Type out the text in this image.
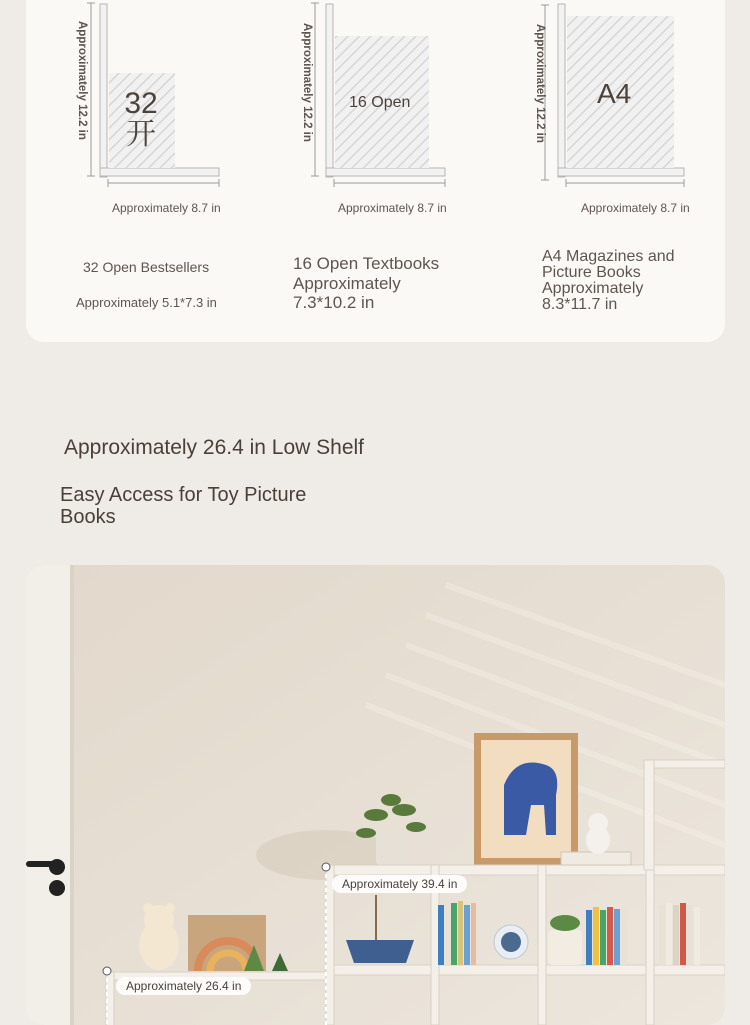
Approximately 12.2 in 32
开
Approximately 8.7 in
Approximately 12.2 in 16 Open
Approximately 8.7 in
Approximately 12.2 in A4
Approximately 8.7 in
32 Open Bestsellers
Approximately 5.1*7.3 in
16 Open Textbooks
Approximately 7.3*10.2 in
A4 Magazines and Picture Books
Approximately 8.3*11.7 in
Approximately 26.4 in Low Shelf
Easy Access for Toy Picture Books
Approximately 39.4 in
Approximately 26.4 in
